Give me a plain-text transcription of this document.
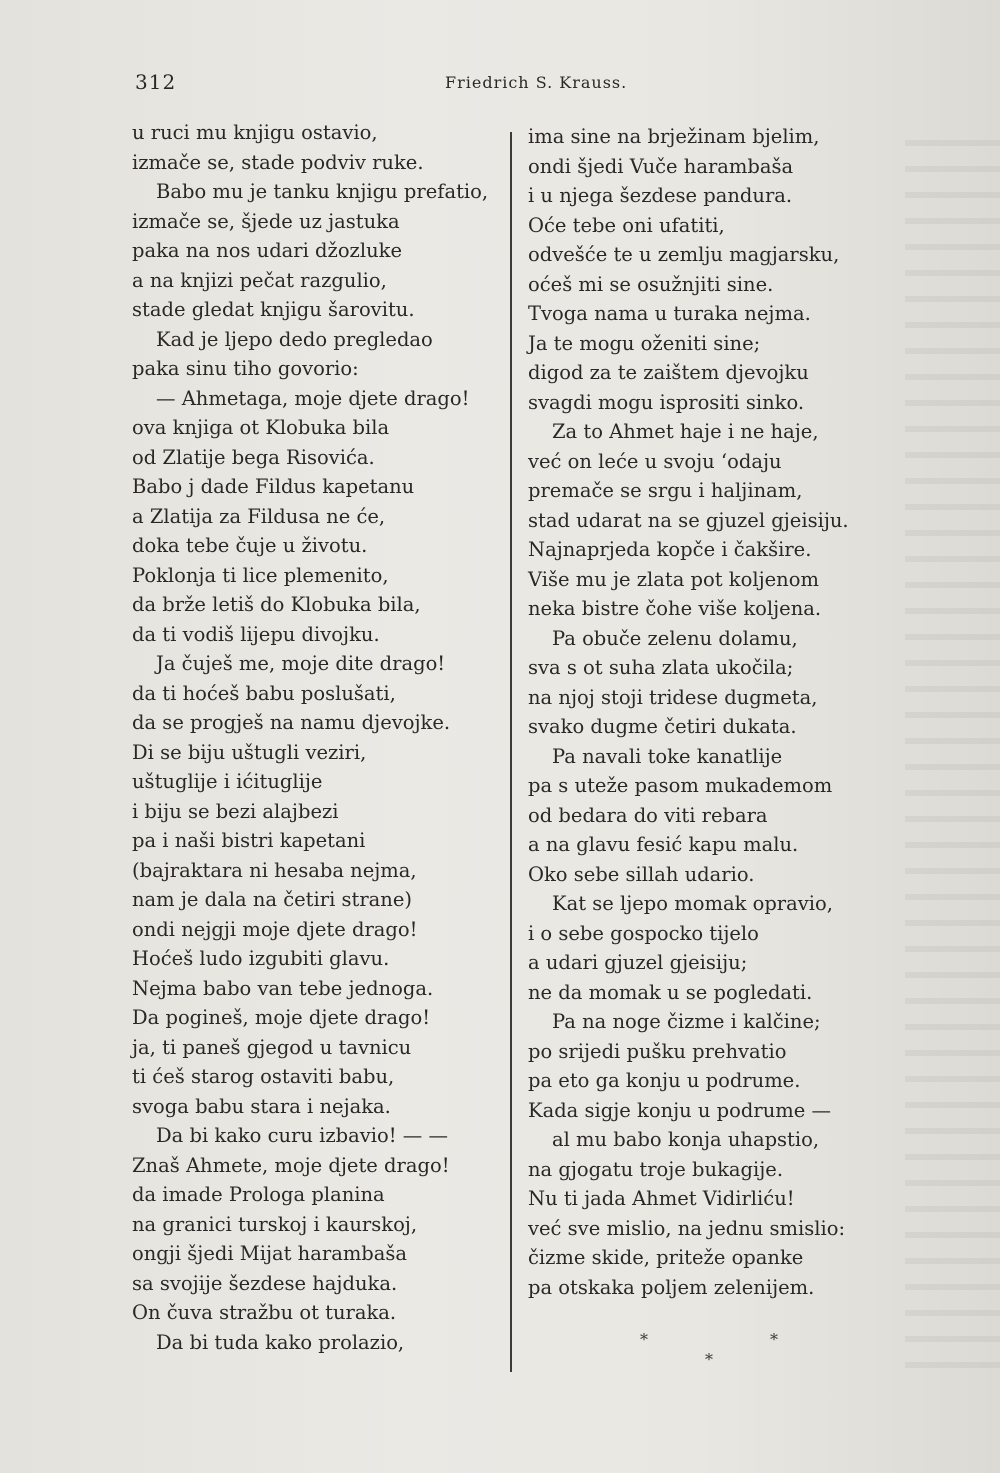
312	Friedrich S. Krauss.
u ruci mu knjigu ostavio,
izmače se, stade podviv ruke.
Babo mu je tanku knjigu prefatio,
izmače se, šjede uz jastuka
paka na nos udari džozluke
a na knjizi pečat razgulio,
stade gledat knjigu šarovitu.
Kad je ljepo dedo pregledao
paka sinu tiho govorio:
— Ahmetaga, moje djete drago!
ova knjiga ot Klobuka bila
od Zlatije bega Risovića.
Babo j dade Fildus kapetanu
a Zlatija za Fildusa ne će,
doka tebe čuje u životu.
Poklonja ti lice plemenito,
da brže letiš do Klobuka bila,
da ti vodiš lijepu divojku.
Ja čuješ me, moje dite drago!
da ti hoćeš babu poslušati,
da se progješ na namu djevojke.
Di se biju uštugli veziri,
uštuglije i ićituglije
i biju se bezi alajbezi
pa i naši bistri kapetani
(bajraktara ni hesaba nejma,
nam je dala na četiri strane)
ondi nejgji moje djete drago!
Hoćeš ludo izgubiti glavu.
Nejma babo van tebe jednoga.
Da pogineš, moje djete drago!
ja, ti paneš gjegod u tavnicu
ti ćeš starog ostaviti babu,
svoga babu stara i nejaka.
Da bi kako curu izbavio! — —
Znaš Ahmete, moje djete drago!
da imade Prologa planina
na granici turskoj i kaurskoj,
ongji šjedi Mijat harambaša
sa svojijе šezdese hajduka.
On čuva stražbu ot turaka.
Da bi tuda kako prolazio,
ima sine na brježinam bjelim,
ondi šjedi Vuče harambaša
i u njega šezdese pandura.
Oće tebe oni ufatiti,
odvešće te u zemlju magjarsku,
oćeš mi se osužnjiti sine.
Tvoga nama u turaka nejma.
Ja te mogu oženiti sine;
digod za te zaištem djevojku
svagdi mogu isprositi sinko.
Za to Ahmet haje i ne haje,
već on leće u svoju ‘odaju
premače se srgu i haljinam,
stad udarat na se gjuzel gjeisiju.
Najnaprjeda kopče i čakšire.
Više mu je zlata pot koljenom
neka bistre čohe više koljena.
Pa obuče zelenu dolamu,
sva s ot suha zlata ukočila;
na njoj stoji tridese dugmeta,
svako dugme četiri dukata.
Pa navali toke kanatlije
pa s utеže pasom mukademom
od bedara do viti rebara
a na glavu fesić kapu malu.
Oko sebe sillah udario.
Kat se ljepo momak opravio,
i o sebe gospocko tijelo
a udari gjuzel gjeisiju;
ne da momak u se pogledati.
Pa na noge čizme i kalčine;
po srijedi pušku prehvatio
pa eto ga konju u podrume.
Kada sigje konju u podrume —
al mu babo konja uhapstio,
na gjogatu troje bukagije.
Nu ti jada Ahmet Vidirliću!
već sve mislio, na jednu smislio:
čizme skide, priteže opanke
pa otskaka poljem zelenijem.
*	*
*
